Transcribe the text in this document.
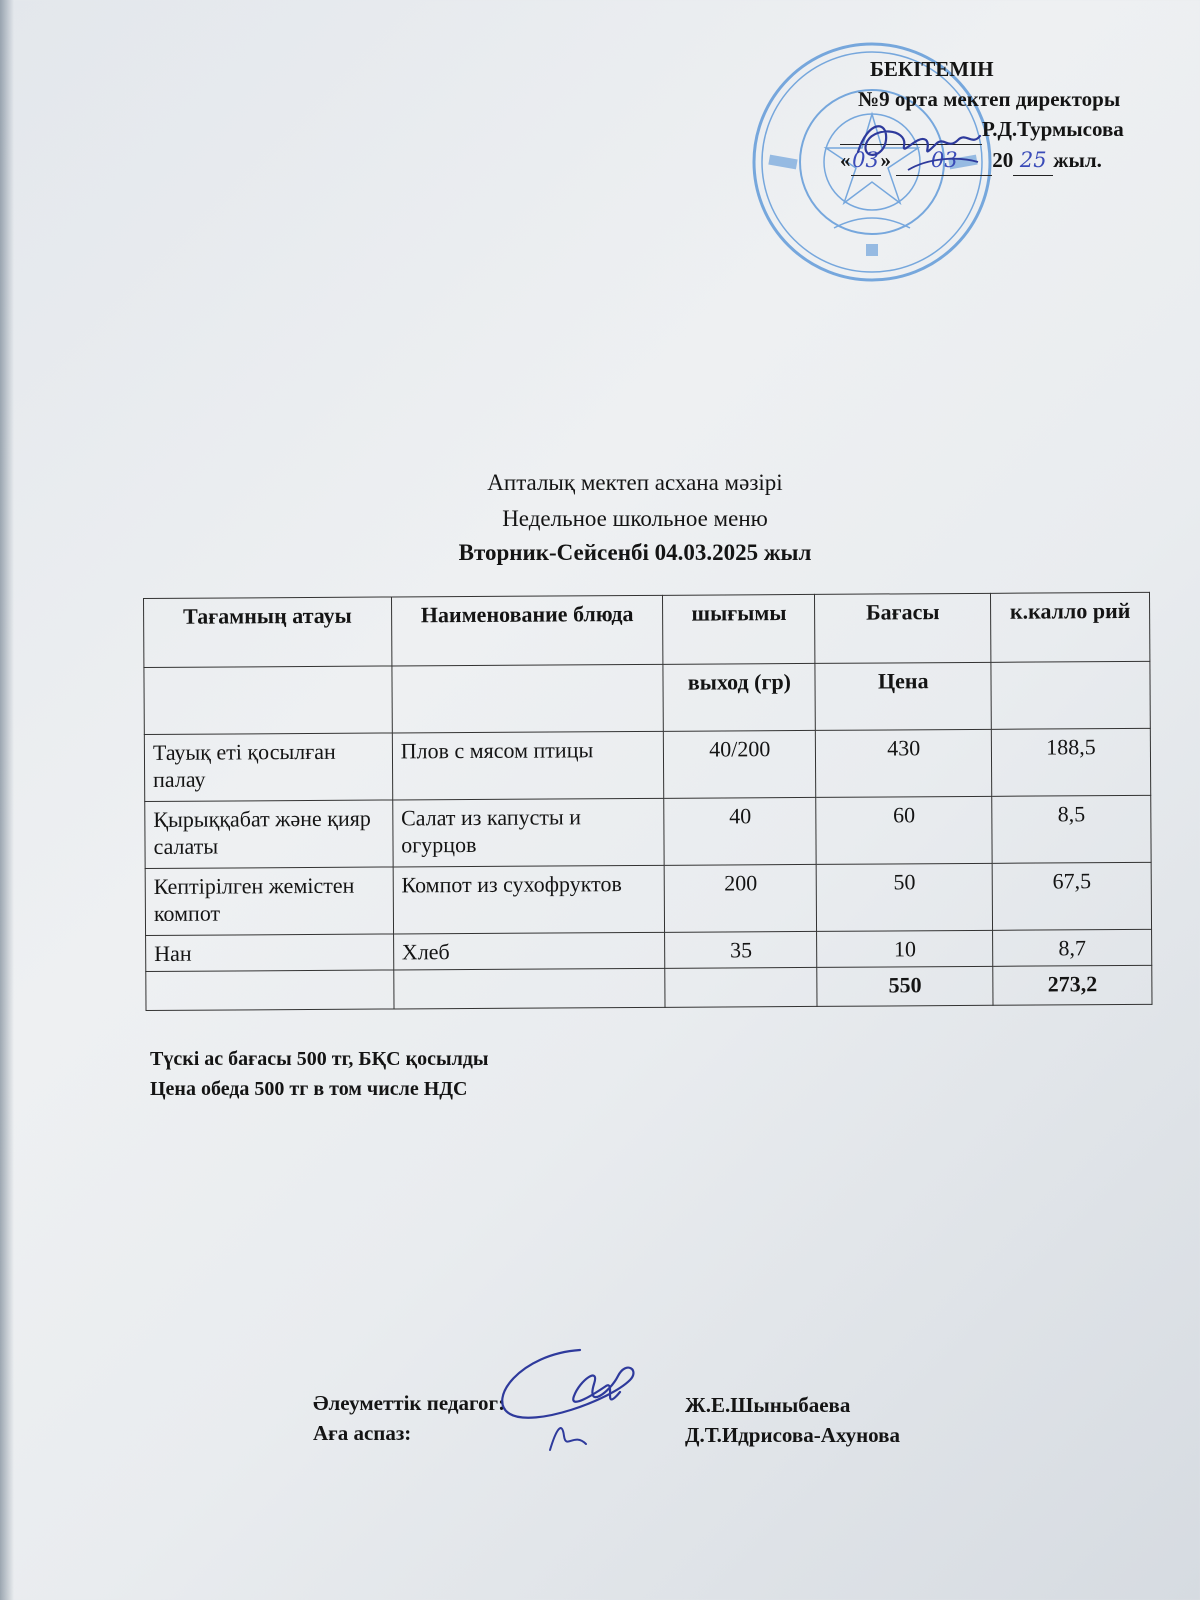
БЕКІТЕМІН
№9 орта мектеп директоры
Р.Д.Турмысова
«03» 03 20 25 жыл.
Апталық мектеп асхана мәзірі
Недельное школьное меню
Вторник-Сейсенбі 04.03.2025 жыл
Тағамның атауы	Наименование блюда	шығымы	Бағасы	к.калло рий
		выход (гр)	Цена	
Тауық еті қосылған палау	Плов с мясом птицы	40/200	430	188,5
Қырыққабат және қияр салаты	Салат из капусты и огурцов	40	60	8,5
Кептірілген жемістен компот	Компот из сухофруктов	200	50	67,5
Нан	Хлеб	35	10	8,7
			550	273,2
Түскі ас бағасы 500 тг, БҚС қосылды
Цена обеда 500 тг в том числе НДС
Әлеуметтік педагог:
Аға аспаз:
Ж.Е.Шыныбаева
Д.Т.Идрисова-Ахунова
